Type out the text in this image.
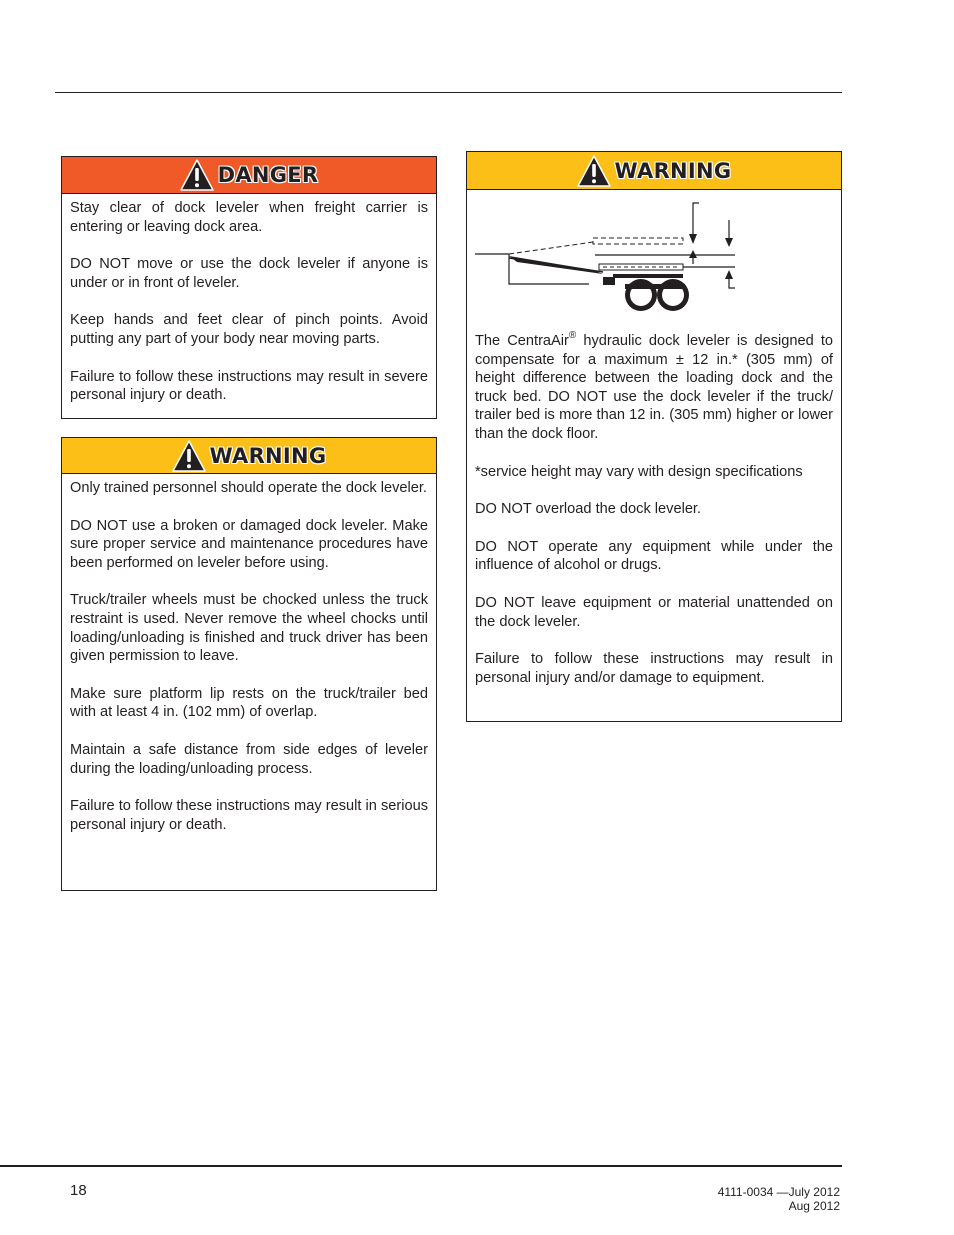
DANGER

Stay clear of dock leveler when freight carrier is entering or leaving dock area.

DO NOT move or use the dock leveler if anyone is under or in front of leveler.

Keep hands and feet clear of pinch points. Avoid putting any part of your body near moving parts.

Failure to follow these instructions may result in severe personal injury or death.

WARNING

Only trained personnel should operate the dock leveler.

DO NOT use a broken or damaged dock leveler. Make sure proper service and maintenance procedures have been performed on leveler before using.

Truck/trailer wheels must be chocked unless the truck restraint is used. Never remove the wheel chocks until loading/unloading is finished and truck driver has been given permission to leave.

Make sure platform lip rests on the truck/trailer bed with at least 4 in. (102 mm) of overlap.

Maintain a safe distance from side edges of leveler during the loading/unloading process.

Failure to follow these instructions may result in serious personal injury or death.

WARNING

The CentraAir® hydraulic dock leveler is designed to compensate for a maximum ± 12 in.* (305 mm) of height difference between the loading dock and the truck bed. DO NOT use the dock leveler if the truck/ trailer bed is more than 12 in. (305 mm) higher or lower than the dock floor.

*service height may vary with design specifications

DO NOT overload the dock leveler.

DO NOT operate any equipment while under the influence of alcohol or drugs.

DO NOT leave equipment or material unattended on the dock leveler.

Failure to follow these instructions may result in personal injury and/or damage to equipment.

18	4111-0034 —July 2012
Aug 2012
